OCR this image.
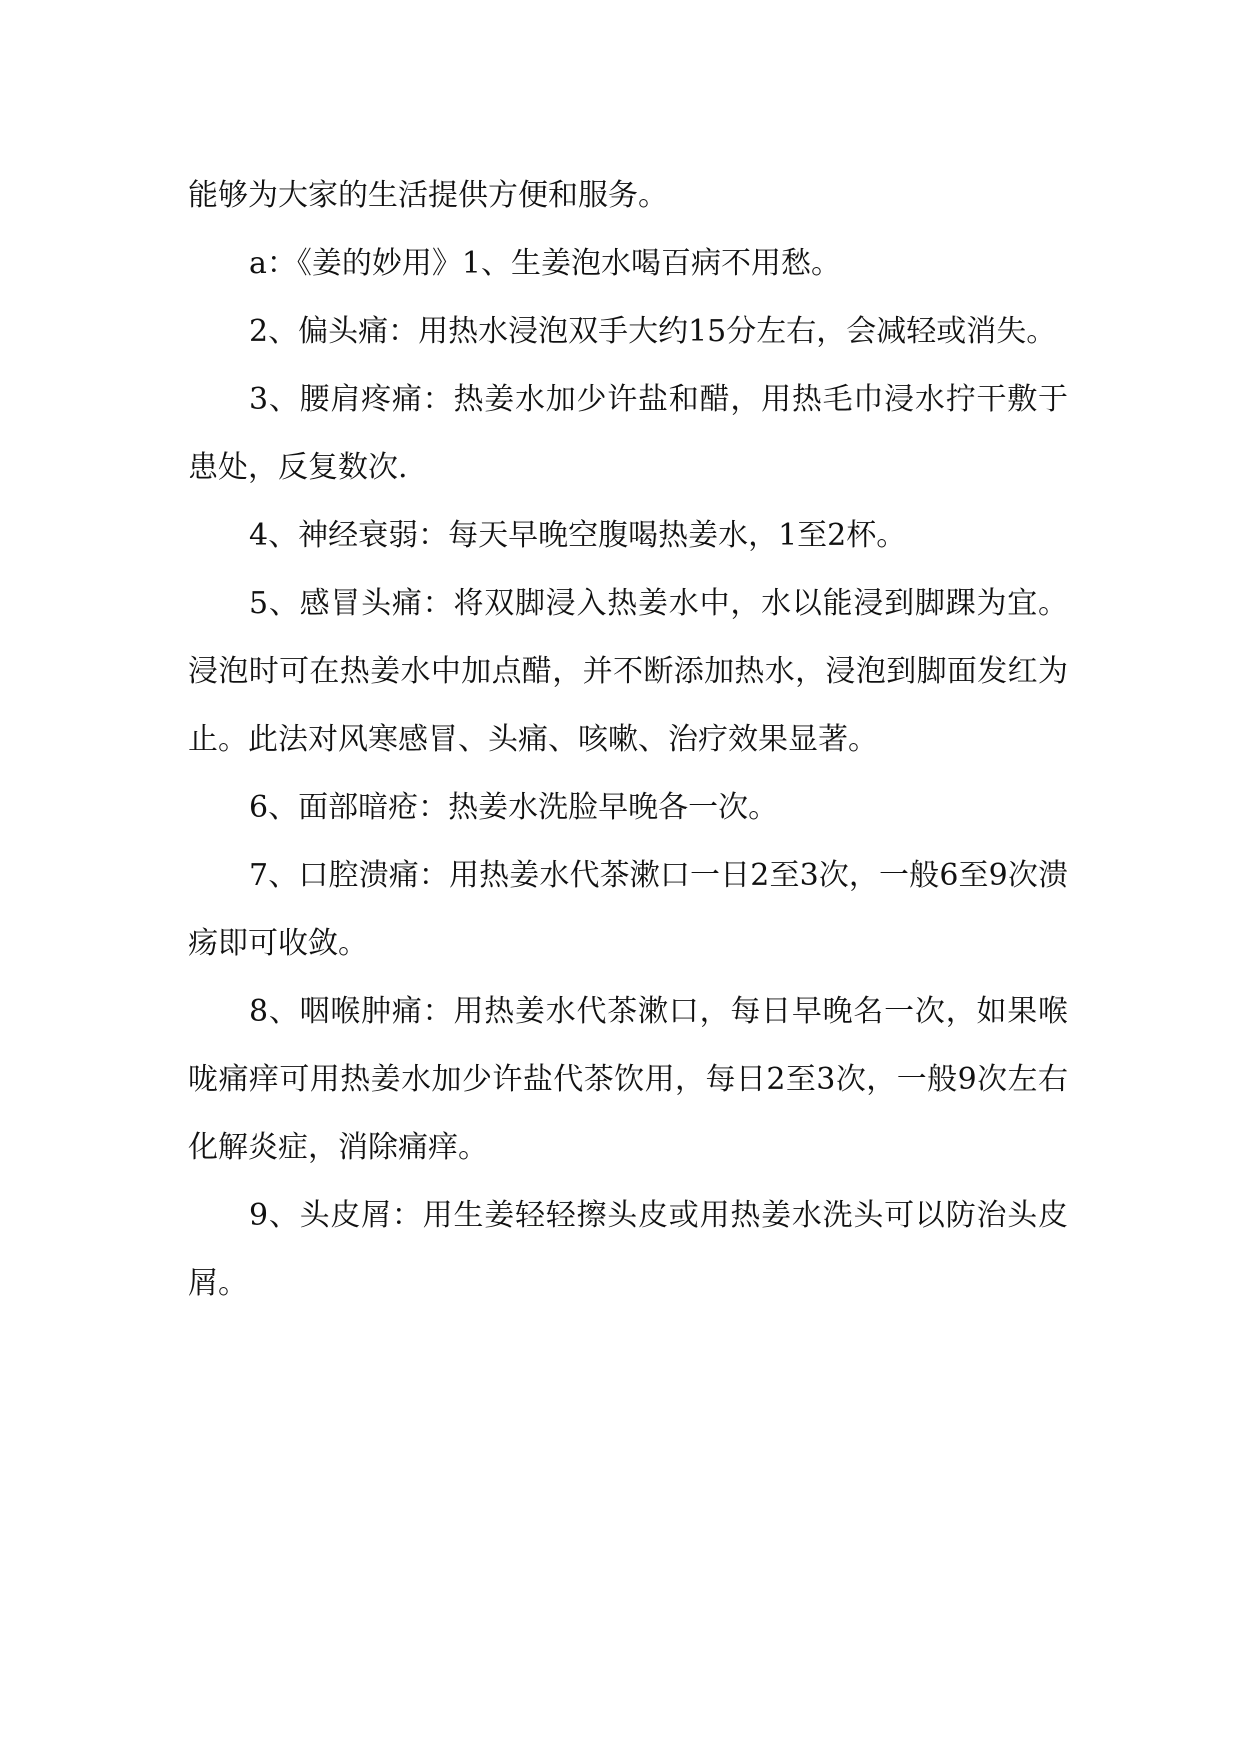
能够为大家的生活提供方便和服务。

a：《姜的妙用》1、生姜泡水喝百病不用愁。

2、偏头痛：用热水浸泡双手大约15分左右，会减轻或消失。

3、腰肩疼痛：热姜水加少许盐和醋，用热毛巾浸水拧干敷于患处，反复数次.

4、神经衰弱：每天早晚空腹喝热姜水，1至2杯。

5、感冒头痛：将双脚浸入热姜水中，水以能浸到脚踝为宜。浸泡时可在热姜水中加点醋，并不断添加热水，浸泡到脚面发红为止。此法对风寒感冒、头痛、咳嗽、治疗效果显著。

6、面部暗疮：热姜水洗脸早晚各一次。

7、口腔溃痛：用热姜水代茶漱口一日2至3次，一般6至9次溃疡即可收敛。

8、咽喉肿痛：用热姜水代茶漱口，每日早晚名一次，如果喉咙痛痒可用热姜水加少许盐代茶饮用，每日2至3次，一般9次左右化解炎症，消除痛痒。

9、头皮屑：用生姜轻轻擦头皮或用热姜水洗头可以防治头皮屑。
